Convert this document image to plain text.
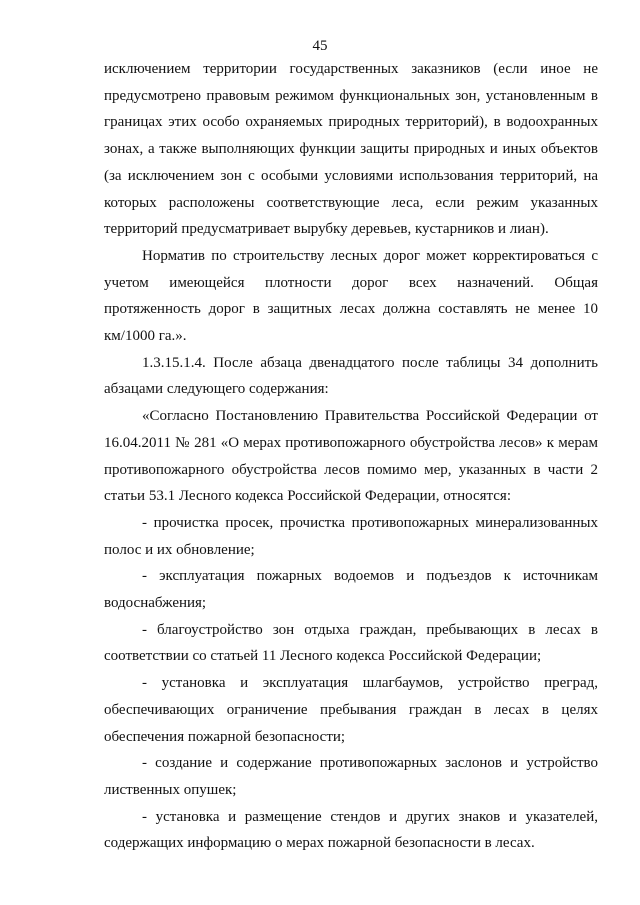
45
исключением территории государственных заказников (если иное не
предусмотрено правовым режимом функциональных зон, установленным в
границах этих особо охраняемых природных территорий), в водоохранных
зонах, а также выполняющих функции защиты природных и иных объектов
(за исключением зон с особыми условиями использования территорий, на
которых расположены соответствующие леса, если режим указанных
территорий предусматривает вырубку деревьев, кустарников и лиан).
Норматив по строительству лесных дорог может корректироваться с
учетом имеющейся плотности дорог всех назначений. Общая
протяженность дорог в защитных лесах должна составлять не менее 10
км/1000 га.».
1.3.15.1.4. После абзаца двенадцатого после таблицы 34 дополнить
абзацами следующего содержания:
«Согласно Постановлению Правительства Российской Федерации от
16.04.2011 № 281 «О мерах противопожарного обустройства лесов» к мерам
противопожарного обустройства лесов помимо мер, указанных в части 2
статьи 53.1 Лесного кодекса Российской Федерации, относятся:
- прочистка просек, прочистка противопожарных минерализованных
полос и их обновление;
- эксплуатация пожарных водоемов и подъездов к источникам
водоснабжения;
- благоустройство зон отдыха граждан, пребывающих в лесах в
соответствии со статьей 11 Лесного кодекса Российской Федерации;
- установка и эксплуатация шлагбаумов, устройство преград,
обеспечивающих ограничение пребывания граждан в лесах в целях
обеспечения пожарной безопасности;
- создание и содержание противопожарных заслонов и устройство
лиственных опушек;
- установка и размещение стендов и других знаков и указателей,
содержащих информацию о мерах пожарной безопасности в лесах.
